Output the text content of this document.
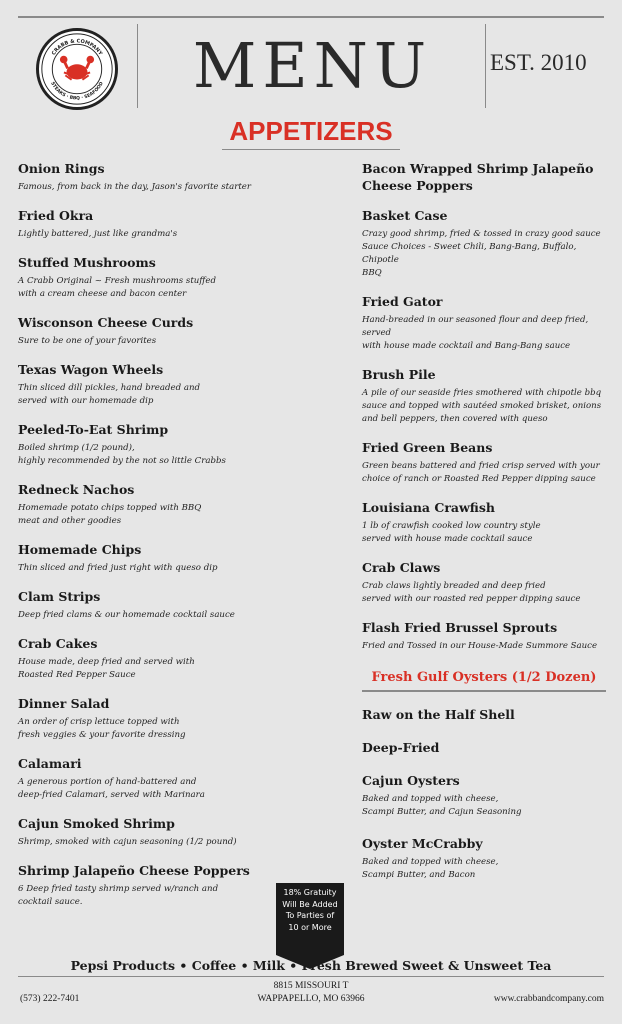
CRABB & COMPANY
STEAKS · BBQ · SEAFOOD	MENU	EST. 2010
APPETIZERS
Onion Rings
Famous, from back in the day, Jason's favorite starter
Fried Okra
Lightly battered, just like grandma's
Stuffed Mushrooms
A Crabb Original ~ Fresh mushrooms stuffed
with a cream cheese and bacon center
Wisconson Cheese Curds
Sure to be one of your favorites
Texas Wagon Wheels
Thin sliced dill pickles, hand breaded and
served with our homemade dip
Peeled-To-Eat Shrimp
Boiled shrimp (1/2 pound),
highly recommended by the not so little Crabbs
Redneck Nachos
Homemade potato chips topped with BBQ
meat and other goodies
Homemade Chips
Thin sliced and fried just right with queso dip
Clam Strips
Deep fried clams & our homemade cocktail sauce
Crab Cakes
House made, deep fried and served with
Roasted Red Pepper Sauce
Dinner Salad
An order of crisp lettuce topped with
fresh veggies & your favorite dressing
Calamari
A generous portion of hand-battered and
deep-fried Calamari, served with Marinara
Cajun Smoked Shrimp
Shrimp, smoked with cajun seasoning (1/2 pound)
Shrimp Jalapeño Cheese Poppers
6 Deep fried tasty shrimp served w/ranch and
cocktail sauce.
Bacon Wrapped Shrimp Jalapeño
Cheese Poppers
Basket Case
Crazy good shrimp, fried & tossed in crazy good sauce
Sauce Choices - Sweet Chili, Bang-Bang, Buffalo, Chipotle
BBQ
Fried Gator
Hand-breaded in our seasoned flour and deep fried, served
with house made cocktail and Bang-Bang sauce
Brush Pile
A pile of our seaside fries smothered with chipotle bbq
sauce and topped with sautéed smoked brisket, onions
and bell peppers, then covered with queso
Fried Green Beans
Green beans battered and fried crisp served with your
choice of ranch or Roasted Red Pepper dipping sauce
Louisiana Crawfish
1 lb of crawfish cooked low country style
served with house made cocktail sauce
Crab Claws
Crab claws lightly breaded and deep fried
served with our roasted red pepper dipping sauce
Flash Fried Brussel Sprouts
Fried and Tossed in our House-Made Summore Sauce
Fresh Gulf Oysters (1/2 Dozen)
Raw on the Half Shell
Deep-Fried
Cajun Oysters
Baked and topped with cheese,
Scampi Butter, and Cajun Seasoning
Oyster McCrabby
Baked and topped with cheese,
Scampi Butter, and Bacon
18% Gratuity
Will Be Added
To Parties of
10 or More
Pepsi Products • Coffee • Milk • Fresh Brewed Sweet & Unsweet Tea
(573) 222-7401
8815 MISSOURI T
WAPPAPELLO, MO 63966	www.crabbandcompany.com
